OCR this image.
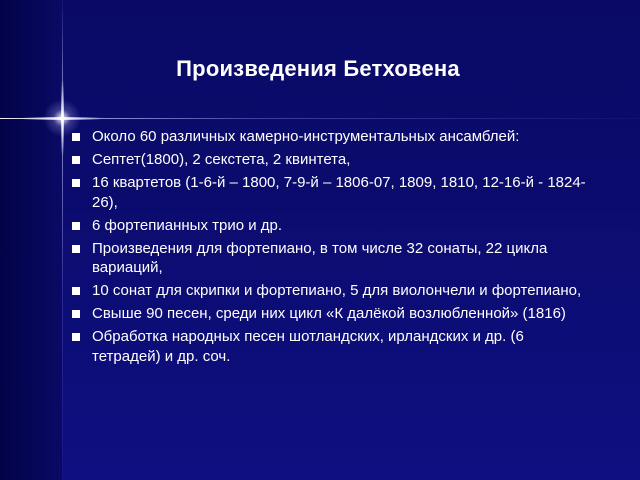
Произведения Бетховена
Около 60 различных камерно-инструментальных ансамблей:
Септет(1800), 2 секстета, 2 квинтета,
16 квартетов (1-6-й – 1800, 7-9-й – 1806-07, 1809, 1810, 12-16-й - 1824-26),
6 фортепианных трио и др.
Произведения для фортепиано, в том числе 32 сонаты, 22 цикла вариаций,
10 сонат для скрипки и фортепиано, 5 для виолончели и фортепиано,
Свыше 90 песен, среди них цикл «К далёкой возлюбленной» (1816)
Обработка народных песен шотландских, ирландских и др. (6 тетрадей) и др. соч.
